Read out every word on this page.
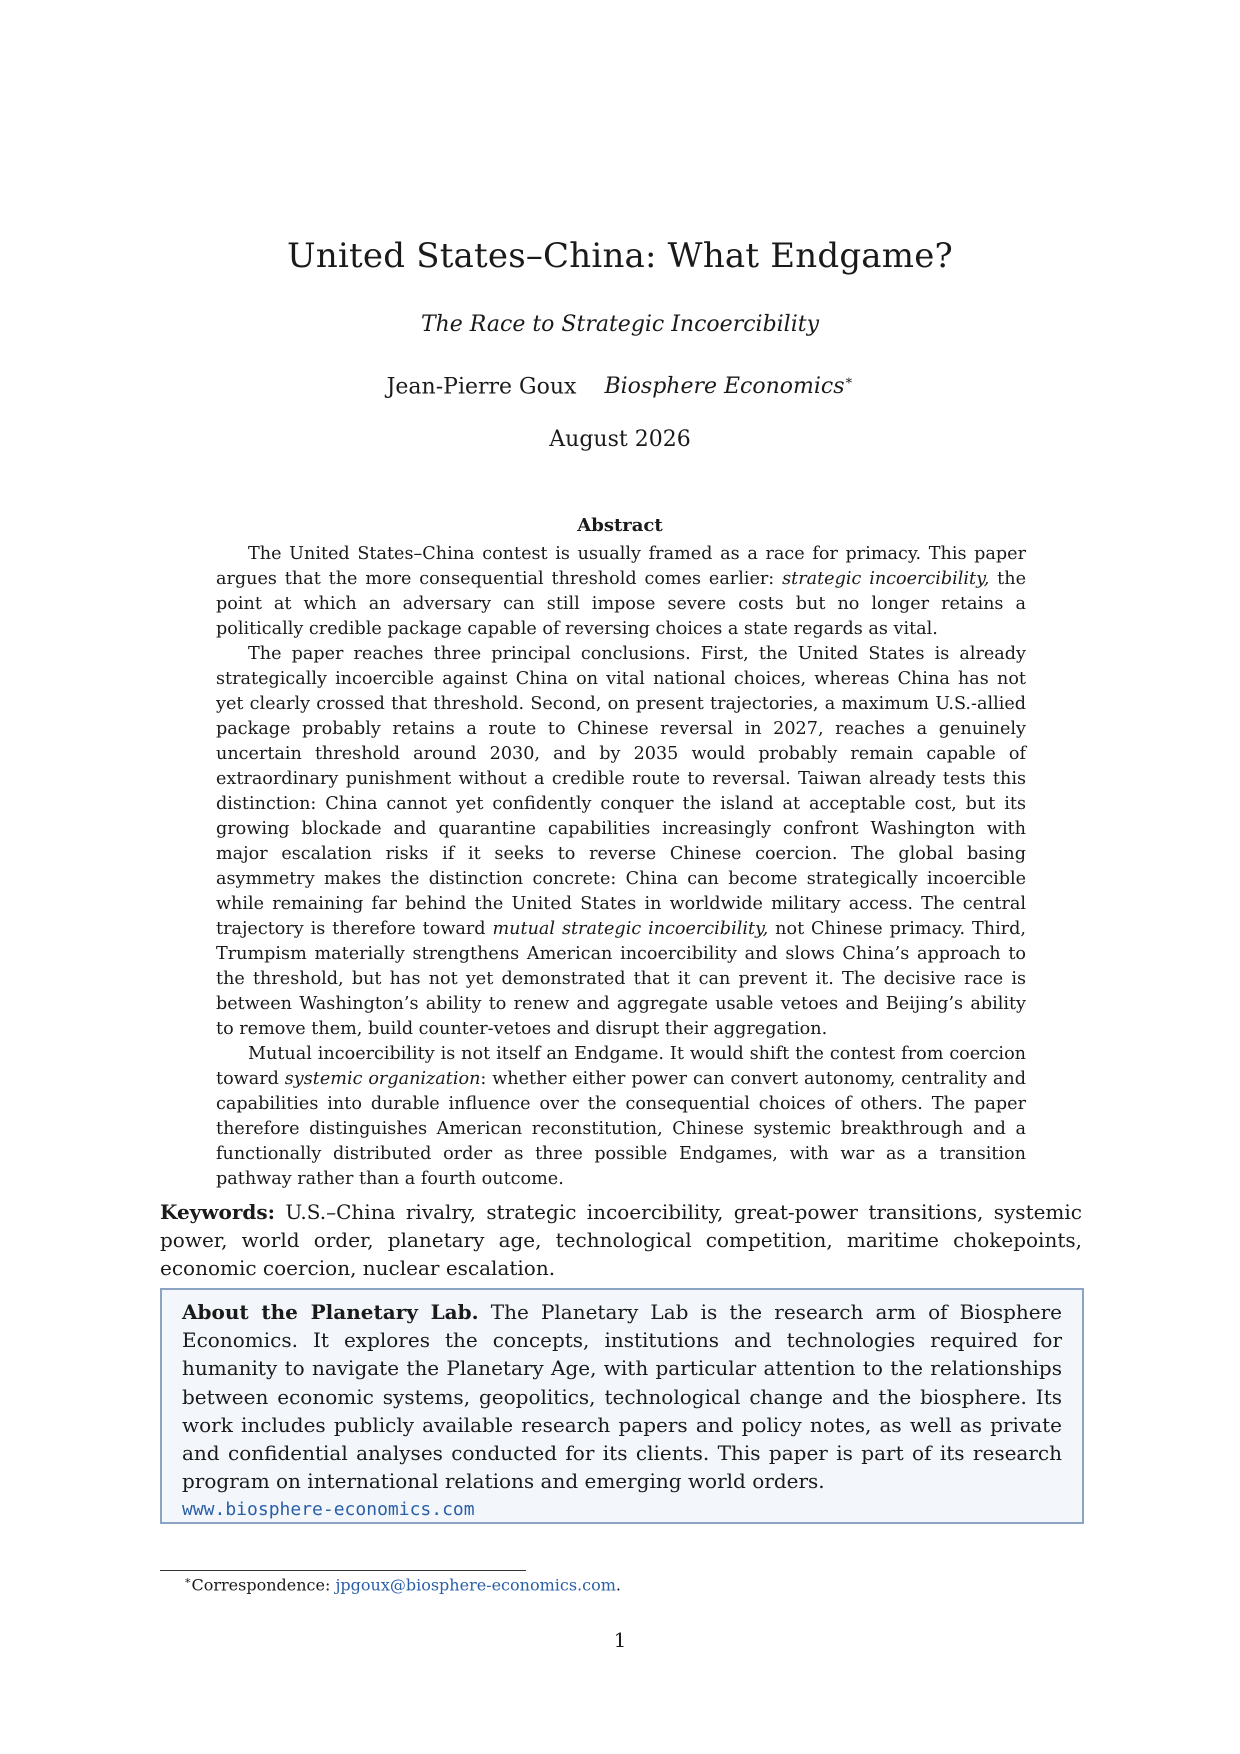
United States–China: What Endgame?
The Race to Strategic Incoercibility
Jean-Pierre Goux Biosphere Economics∗
August 2026
Abstract

The United States–China contest is usually framed as a race for primacy. This paper argues that the more consequential threshold comes earlier: strategic incoercibility, the point at which an adversary can still impose severe costs but no longer retains a politically credible package capable of reversing choices a state regards as vital.

The paper reaches three principal conclusions. First, the United States is already strategically incoercible against China on vital national choices, whereas China has not yet clearly crossed that threshold. Second, on present trajectories, a maximum U.S.-allied package probably retains a route to Chinese reversal in 2027, reaches a genuinely uncertain threshold around 2030, and by 2035 would probably remain capable of extraordinary punishment without a credible route to reversal. Taiwan already tests this distinction: China cannot yet confidently conquer the island at acceptable cost, but its growing blockade and quarantine capabilities increasingly confront Washington with major escalation risks if it seeks to reverse Chinese coercion. The global basing asymmetry makes the distinction concrete: China can become strategically incoercible while remaining far behind the United States in worldwide military access. The central trajectory is therefore toward mutual strategic incoercibility, not Chinese primacy. Third, Trumpism materially strengthens American incoercibility and slows China’s approach to the threshold, but has not yet demonstrated that it can prevent it. The decisive race is between Washington’s ability to renew and aggregate usable vetoes and Beijing’s ability to remove them, build counter-vetoes and disrupt their aggregation.

Mutual incoercibility is not itself an Endgame. It would shift the contest from coercion toward systemic organization: whether either power can convert autonomy, centrality and capabilities into durable influence over the consequential choices of others. The paper therefore distinguishes American reconstitution, Chinese systemic breakthrough and a functionally distributed order as three possible Endgames, with war as a transition pathway rather than a fourth outcome.

Keywords: U.S.–China rivalry, strategic incoercibility, great-power transitions, systemic power, world order, planetary age, technological competition, maritime chokepoints, economic coercion, nuclear escalation.

About the Planetary Lab. The Planetary Lab is the research arm of Biosphere Economics. It explores the concepts, institutions and technologies required for humanity to navigate the Planetary Age, with particular attention to the relationships between economic systems, geopolitics, technological change and the biosphere. Its work includes publicly available research papers and policy notes, as well as private and confidential analyses conducted for its clients. This paper is part of its research program on international relations and emerging world orders.

www.biosphere-economics.com
∗Correspondence: jpgoux@biosphere-economics.com.
1
